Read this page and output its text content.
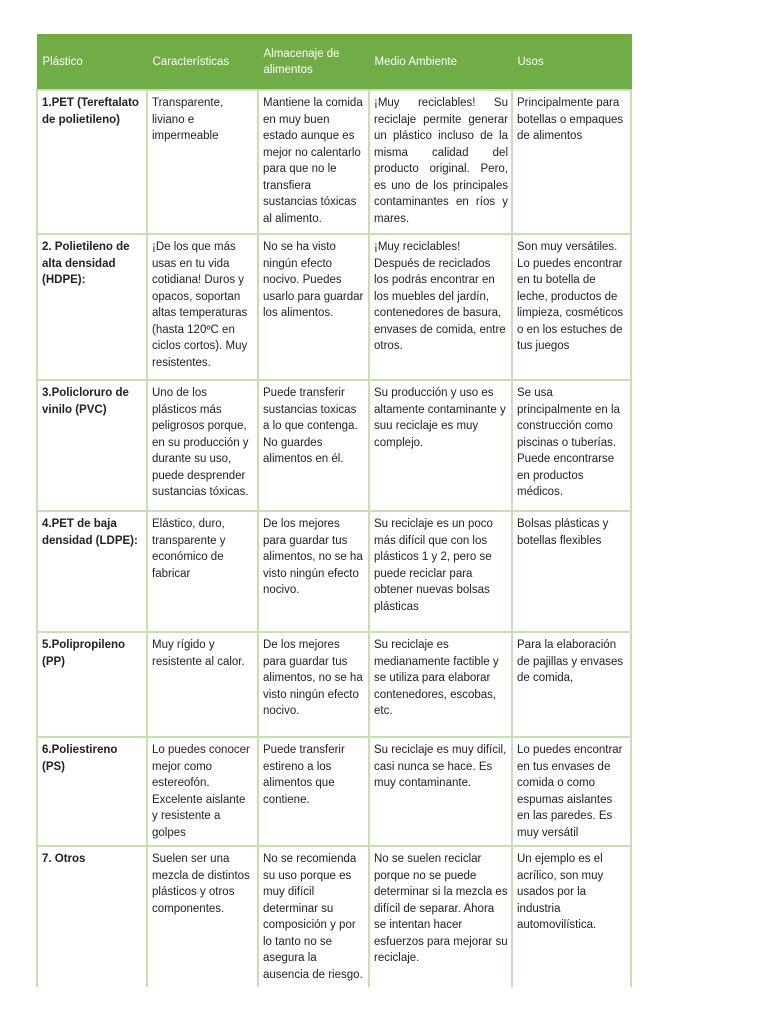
Plástico	Características	Almacenaje de alimentos	Medio Ambiente	Usos
1.PET (Tereftalato de polietileno)	Transparente, liviano e impermeable	Mantiene la comida en muy buen estado aunque es mejor no calentarlo para que no le transfiera sustancias tóxicas al alimento.	¡Muy reciclables! Su reciclaje permite generar un plástico incluso de la misma calidad del producto original. Pero, es uno de los principales contaminantes en ríos y mares.	Principalmente para botellas o empaques de alimentos
2. Polietileno de alta densidad (HDPE):	¡De los que más usas en tu vida cotidiana! Duros y opacos, soportan altas temperaturas (hasta 120ºC en ciclos cortos). Muy resistentes.	No se ha visto ningún efecto nocivo. Puedes usarlo para guardar los alimentos.	¡Muy reciclables! Después de reciclados los podrás encontrar en los muebles del jardín, contenedores de basura, envases de comida, entre otros.	Son muy versátiles. Lo puedes encontrar en tu botella de leche, productos de limpieza, cosméticos o en los estuches de tus juegos
3.Policloruro de vinilo (PVC)	Uno de los plásticos más peligrosos porque, en su producción y durante su uso, puede desprender sustancias tóxicas.	Puede transferir sustancias toxicas a lo que contenga. No guardes alimentos en él.	Su producción y uso es altamente contaminante y suu reciclaje es muy complejo.	Se usa principalmente en la construcción como piscinas o tuberías. Puede encontrarse en productos médicos.
4.PET de baja densidad (LDPE):	Elástico, duro, transparente y económico de fabricar	De los mejores para guardar tus alimentos, no se ha visto ningún efecto nocivo.	Su reciclaje es un poco más difícil que con los plásticos 1 y 2, pero se puede reciclar para obtener nuevas bolsas plásticas	Bolsas plásticas y botellas flexibles
5.Polipropileno (PP)	Muy rígido y resistente al calor.	De los mejores para guardar tus alimentos, no se ha visto ningún efecto nocivo.	Su reciclaje es medianamente factible y se utiliza para elaborar contenedores, escobas, etc.	Para la elaboración de pajillas y envases de comida,
6.Poliestireno (PS)	Lo puedes conocer mejor como estereofón. Excelente aislante y resistente a golpes	Puede transferir estireno a los alimentos que contiene.	Su reciclaje es muy difícil, casi nunca se hace. Es muy contaminante.	Lo puedes encontrar en tus envases de comida o como espumas aislantes en las paredes. Es muy versátil
7. Otros	Suelen ser una mezcla de distintos plásticos y otros componentes.	No se recomienda su uso porque es muy difícil determinar su composición y por lo tanto no se asegura la ausencia de riesgo.	No se suelen reciclar porque no se puede determinar si la mezcla es difícil de separar. Ahora se intentan hacer esfuerzos para mejorar su reciclaje.	Un ejemplo es el acrílico, son muy usados por la industria automovilística.
